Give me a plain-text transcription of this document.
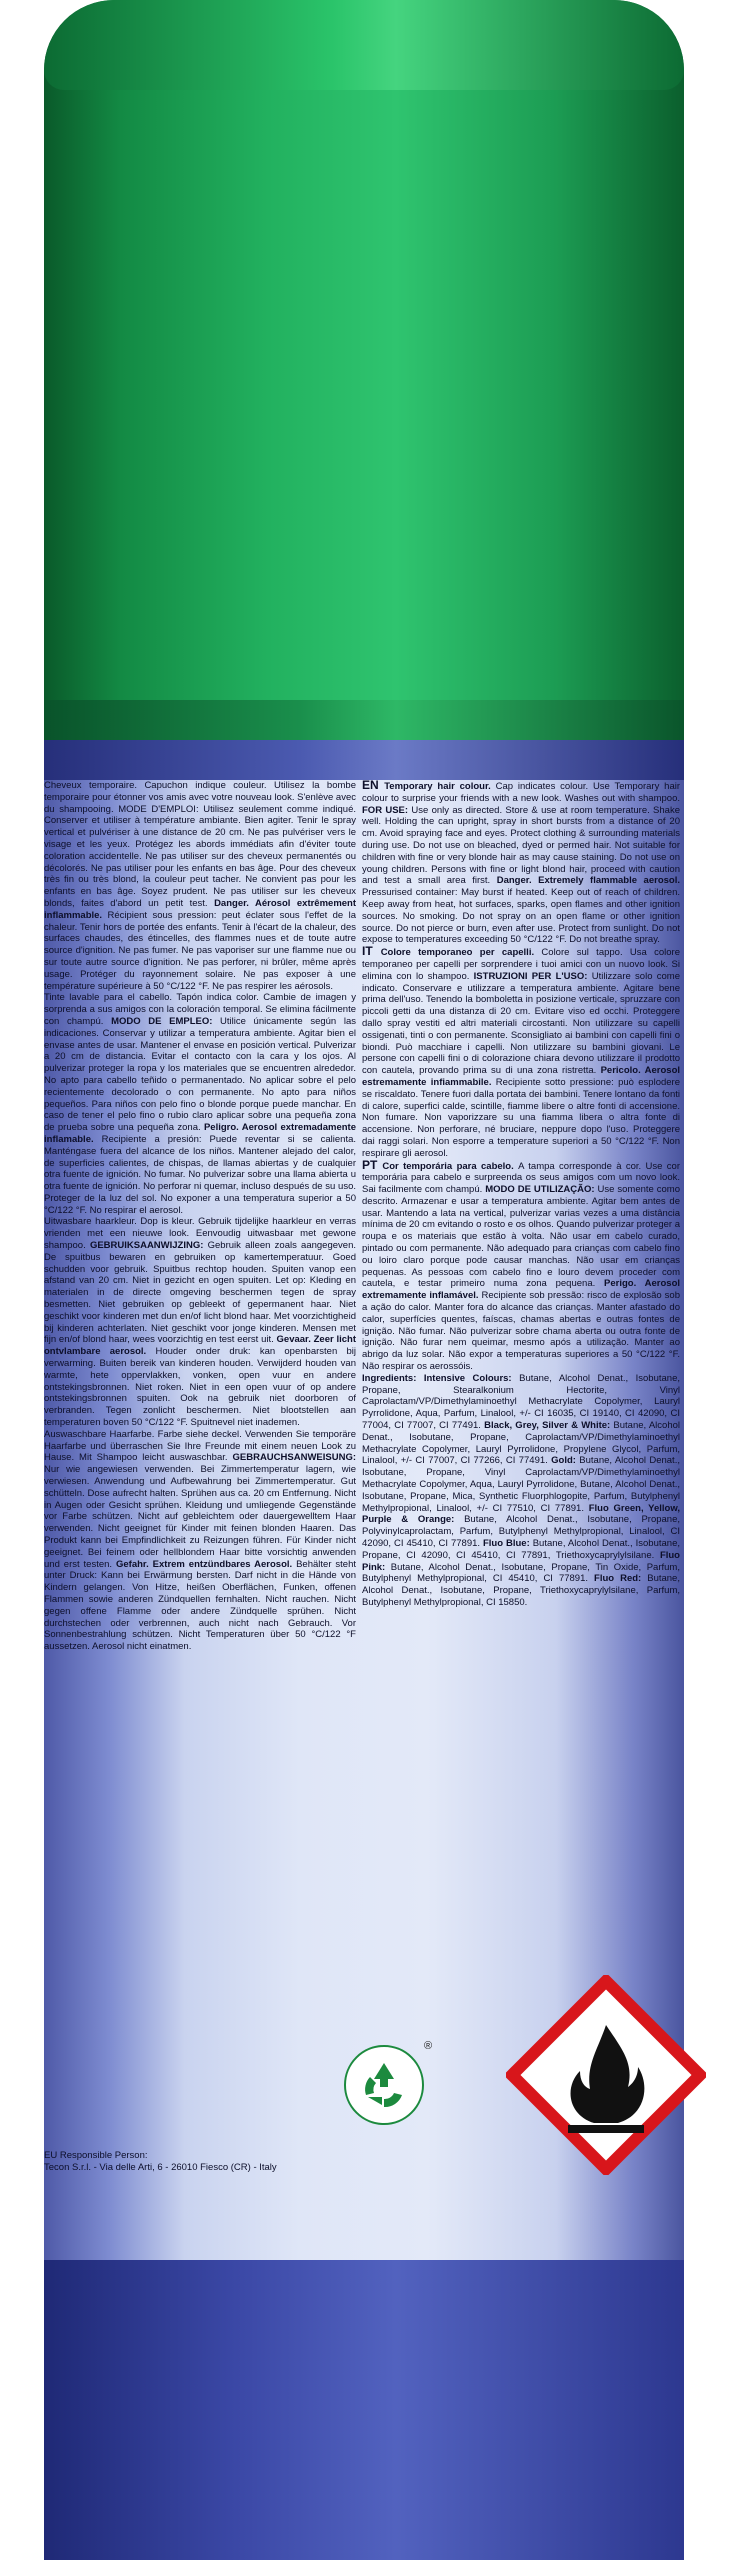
Cheveux temporaire. Capuchon indique couleur. Utilisez la bombe temporaire pour étonner vos amis avec votre nouveau look. S'enlève avec du shampooing. MODE D'EMPLOI: Utilisez seulement comme indiqué. Conserver et utiliser à température ambiante. Bien agiter. Tenir le spray vertical et pulvériser à une distance de 20 cm. Ne pas pulvériser vers le visage et les yeux. Protégez les abords immédiats afin d'éviter toute coloration accidentelle. Ne pas utiliser sur des cheveux permanentés ou décolorés. Ne pas utiliser pour les enfants en bas âge. Pour des cheveux très fin ou très blond, la couleur peut tacher. Ne convient pas pour les enfants en bas âge. Soyez prudent. Ne pas utiliser sur les cheveux blonds, faites d'abord un petit test. Danger. Aérosol extrêmement inflammable. Récipient sous pression: peut éclater sous l'effet de la chaleur. Tenir hors de portée des enfants. Tenir à l'écart de la chaleur, des surfaces chaudes, des étincelles, des flammes nues et de toute autre source d'ignition. Ne pas fumer. Ne pas vaporiser sur une flamme nue ou sur toute autre source d'ignition. Ne pas perforer, ni brûler, même après usage. Protéger du rayonnement solaire. Ne pas exposer à une température supérieure à 50 °C/122 °F. Ne pas respirer les aérosols.

Tinte lavable para el cabello. Tapón indica color. Cambie de imagen y sorprenda a sus amigos con la coloración temporal. Se elimina fácilmente con champú. MODO DE EMPLEO: Utilice únicamente según las indicaciones. Conservar y utilizar a temperatura ambiente. Agitar bien el envase antes de usar. Mantener el envase en posición vertical. Pulverizar a 20 cm de distancia. Evitar el contacto con la cara y los ojos. Al pulverizar proteger la ropa y los materiales que se encuentren alrededor. No apto para cabello teñido o permanentado. No aplicar sobre el pelo recientemente decolorado o con permanente. No apto para niños pequeños. Para niños con pelo fino o blonde porque puede manchar. En caso de tener el pelo fino o rubio claro aplicar sobre una pequeña zona de prueba sobre una pequeña zona. Peligro. Aerosol extremadamente inflamable. Recipiente a presión: Puede reventar si se calienta. Manténgase fuera del alcance de los niños. Mantener alejado del calor, de superficies calientes, de chispas, de llamas abiertas y de cualquier otra fuente de ignición. No fumar. No pulverizar sobre una llama abierta u otra fuente de ignición. No perforar ni quemar, incluso después de su uso. Proteger de la luz del sol. No exponer a una temperatura superior a 50 °C/122 °F. No respirar el aerosol.

Uitwasbare haarkleur. Dop is kleur. Gebruik tijdelijke haarkleur en verras vrienden met een nieuwe look. Eenvoudig uitwasbaar met gewone shampoo. GEBRUIKSAANWIJZING: Gebruik alleen zoals aangegeven. De spuitbus bewaren en gebruiken op kamertemperatuur. Goed schudden voor gebruik. Spuitbus rechtop houden. Spuiten vanop een afstand van 20 cm. Niet in gezicht en ogen spuiten. Let op: Kleding en materialen in de directe omgeving beschermen tegen de spray besmetten. Niet gebruiken op gebleekt of gepermanent haar. Niet geschikt voor kinderen met dun en/of licht blond haar. Met voorzichtigheid bij kinderen achterlaten. Niet geschikt voor jonge kinderen. Mensen met fijn en/of blond haar, wees voorzichtig en test eerst uit. Gevaar. Zeer licht ontvlambare aerosol. Houder onder druk: kan openbarsten bij verwarming. Buiten bereik van kinderen houden. Verwijderd houden van warmte, hete oppervlakken, vonken, open vuur en andere ontstekingsbronnen. Niet roken. Niet in een open vuur of op andere ontstekingsbronnen spuiten. Ook na gebruik niet doorboren of verbranden. Tegen zonlicht beschermen. Niet blootstellen aan temperaturen boven 50 °C/122 °F. Spuitnevel niet inademen.

Auswaschbare Haarfarbe. Farbe siehe deckel. Verwenden Sie temporäre Haarfarbe und überraschen Sie Ihre Freunde mit einem neuen Look zu Hause. Mit Shampoo leicht auswaschbar. GEBRAUCHSANWEISUNG: Nur wie angewiesen verwenden. Bei Zimmertemperatur lagern, wie verwiesen. Anwendung und Aufbewahrung bei Zimmertemperatur. Gut schütteln. Dose aufrecht halten. Sprühen aus ca. 20 cm Entfernung. Nicht in Augen oder Gesicht sprühen. Kleidung und umliegende Gegenstände vor Farbe schützen. Nicht auf gebleichtem oder dauergewelltem Haar verwenden. Nicht geeignet für Kinder mit feinen blonden Haaren. Das Produkt kann bei Empfindlichkeit zu Reizungen führen. Für Kinder nicht geeignet. Bei feinem oder hellblondem Haar bitte vorsichtig anwenden und erst testen. Gefahr. Extrem entzündbares Aerosol. Behälter steht unter Druck: Kann bei Erwärmung bersten. Darf nicht in die Hände von Kindern gelangen. Von Hitze, heißen Oberflächen, Funken, offenen Flammen sowie anderen Zündquellen fernhalten. Nicht rauchen. Nicht gegen offene Flamme oder andere Zündquelle sprühen. Nicht durchstechen oder verbrennen, auch nicht nach Gebrauch. Vor Sonnenbestrahlung schützen. Nicht Temperaturen über 50 °C/122 °F aussetzen. Aerosol nicht einatmen.

EN Temporary hair colour. Cap indicates colour. Use Temporary hair colour to surprise your friends with a new look. Washes out with shampoo. FOR USE: Use only as directed. Store & use at room temperature. Shake well. Holding the can upright, spray in short bursts from a distance of 20 cm. Avoid spraying face and eyes. Protect clothing & surrounding materials during use. Do not use on bleached, dyed or permed hair. Not suitable for children with fine or very blonde hair as may cause staining. Do not use on young children. Persons with fine or light blond hair, proceed with caution and test a small area first. Danger. Extremely flammable aerosol. Pressurised container: May burst if heated. Keep out of reach of children. Keep away from heat, hot surfaces, sparks, open flames and other ignition sources. No smoking. Do not spray on an open flame or other ignition source. Do not pierce or burn, even after use. Protect from sunlight. Do not expose to temperatures exceeding 50 °C/122 °F. Do not breathe spray.

IT Colore temporaneo per capelli. Colore sul tappo. Usa colore temporaneo per capelli per sorprendere i tuoi amici con un nuovo look. Si elimina con lo shampoo. ISTRUZIONI PER L'USO: Utilizzare solo come indicato. Conservare e utilizzare a temperatura ambiente. Agitare bene prima dell'uso. Tenendo la bomboletta in posizione verticale, spruzzare con piccoli getti da una distanza di 20 cm. Evitare viso ed occhi. Proteggere dallo spray vestiti ed altri materiali circostanti. Non utilizzare su capelli ossigenati, tinti o con permanente. Sconsigliato ai bambini con capelli fini o biondi. Può macchiare i capelli. Non utilizzare su bambini giovani. Le persone con capelli fini o di colorazione chiara devono utilizzare il prodotto con cautela, provando prima su di una zona ristretta. Pericolo. Aerosol estremamente infiammabile. Recipiente sotto pressione: può esplodere se riscaldato. Tenere fuori dalla portata dei bambini. Tenere lontano da fonti di calore, superfici calde, scintille, fiamme libere o altre fonti di accensione. Non fumare. Non vaporizzare su una fiamma libera o altra fonte di accensione. Non perforare, né bruciare, neppure dopo l'uso. Proteggere dai raggi solari. Non esporre a temperature superiori a 50 °C/122 °F. Non respirare gli aerosol.

PT Cor temporária para cabelo. A tampa corresponde à cor. Use cor temporária para cabelo e surpreenda os seus amigos com um novo look. Sai facilmente com champú. MODO DE UTILIZAÇÃO: Use somente como descrito. Armazenar e usar a temperatura ambiente. Agitar bem antes de usar. Mantendo a lata na vertical, pulverizar varias vezes a uma distância mínima de 20 cm evitando o rosto e os olhos. Quando pulverizar proteger a roupa e os materiais que estão à volta. Não usar em cabelo curado, pintado ou com permanente. Não adequado para crianças com cabelo fino ou loiro claro porque pode causar manchas. Não usar em crianças pequenas. As pessoas com cabelo fino e louro devem proceder com cautela, e testar primeiro numa zona pequena. Perigo. Aerosol extremamente inflamável. Recipiente sob pressão: risco de explosão sob a ação do calor. Manter fora do alcance das crianças. Manter afastado do calor, superfícies quentes, faíscas, chamas abertas e outras fontes de ignição. Não fumar. Não pulverizar sobre chama aberta ou outra fonte de ignição. Não furar nem queimar, mesmo após a utilização. Manter ao abrigo da luz solar. Não expor a temperaturas superiores a 50 °C/122 °F. Não respirar os aerossóis.

Ingredients: Intensive Colours: Butane, Alcohol Denat., Isobutane, Propane, Stearalkonium Hectorite, Vinyl Caprolactam/VP/Dimethylaminoethyl Methacrylate Copolymer, Lauryl Pyrrolidone, Aqua, Parfum, Linalool, +/- CI 16035, CI 19140, CI 42090, CI 77004, CI 77007, CI 77491. Black, Grey, Silver & White: Butane, Alcohol Denat., Isobutane, Propane, Caprolactam/VP/Dimethylaminoethyl Methacrylate Copolymer, Lauryl Pyrrolidone, Propylene Glycol, Parfum, Linalool, +/- CI 77007, CI 77266, CI 77491. Gold: Butane, Alcohol Denat., Isobutane, Propane, Vinyl Caprolactam/VP/Dimethylaminoethyl Methacrylate Copolymer, Aqua, Lauryl Pyrrolidone, Butane, Alcohol Denat., Isobutane, Propane, Mica, Synthetic Fluorphlogopite, Parfum, Butylphenyl Methylpropional, Linalool, +/- CI 77510, CI 77891. Fluo Green, Yellow, Purple & Orange: Butane, Alcohol Denat., Isobutane, Propane, Polyvinylcaprolactam, Parfum, Butylphenyl Methylpropional, Linalool, CI 42090, CI 45410, CI 77891. Fluo Blue: Butane, Alcohol Denat., Isobutane, Propane, CI 42090, CI 45410, CI 77891, Triethoxycaprylylsilane. Fluo Pink: Butane, Alcohol Denat., Isobutane, Propane, Tin Oxide, Parfum, Butylphenyl Methylpropional, CI 45410, CI 77891. Fluo Red: Butane, Alcohol Denat., Isobutane, Propane, Triethoxycaprylylsilane, Parfum, Butylphenyl Methylpropional, CI 15850.

®
EU Responsible Person:
Tecon S.r.l. - Via delle Arti, 6 - 26010 Fiesco (CR) - Italy
